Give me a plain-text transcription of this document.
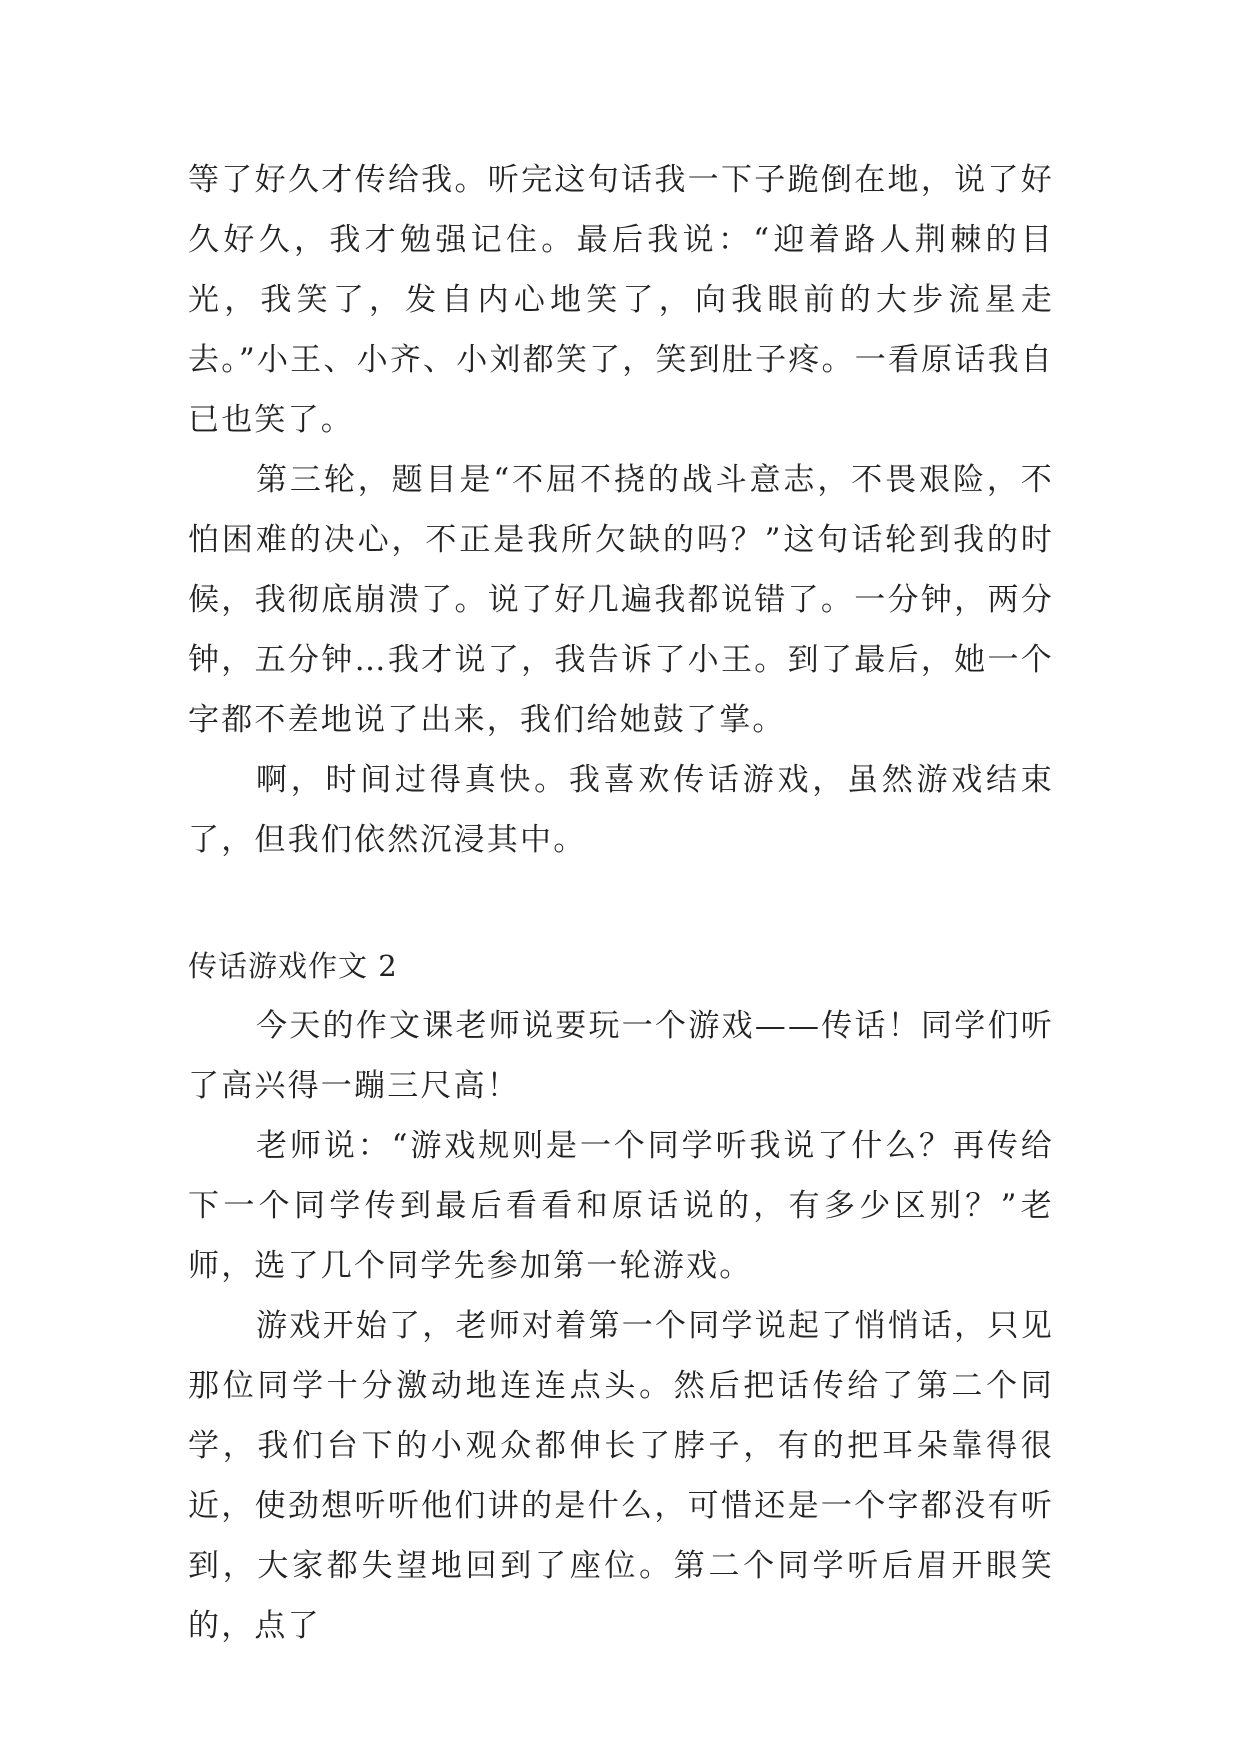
等了好久才传给我。听完这句话我一下子跪倒在地，说了好久好久，我才勉强记住。最后我说：“迎着路人荆棘的目光，我笑了，发自内心地笑了，向我眼前的大步流星走去。”小王、小齐、小刘都笑了，笑到肚子疼。一看原话我自已也笑了。

第三轮，题目是“不屈不挠的战斗意志，不畏艰险，不怕困难的决心，不正是我所欠缺的吗？”这句话轮到我的时候，我彻底崩溃了。说了好几遍我都说错了。一分钟，两分钟，五分钟…我才说了，我告诉了小王。到了最后，她一个字都不差地说了出来，我们给她鼓了掌。

啊，时间过得真快。我喜欢传话游戏，虽然游戏结束了，但我们依然沉浸其中。

传话游戏作文 2

今天的作文课老师说要玩一个游戏——传话！同学们听了高兴得一蹦三尺高！

老师说：“游戏规则是一个同学听我说了什么？再传给下一个同学传到最后看看和原话说的，有多少区别？”老师，选了几个同学先参加第一轮游戏。

游戏开始了，老师对着第一个同学说起了悄悄话，只见那位同学十分激动地连连点头。然后把话传给了第二个同学，我们台下的小观众都伸长了脖子，有的把耳朵靠得很近，使劲想听听他们讲的是什么，可惜还是一个字都没有听到，大家都失望地回到了座位。第二个同学听后眉开眼笑的，点了
